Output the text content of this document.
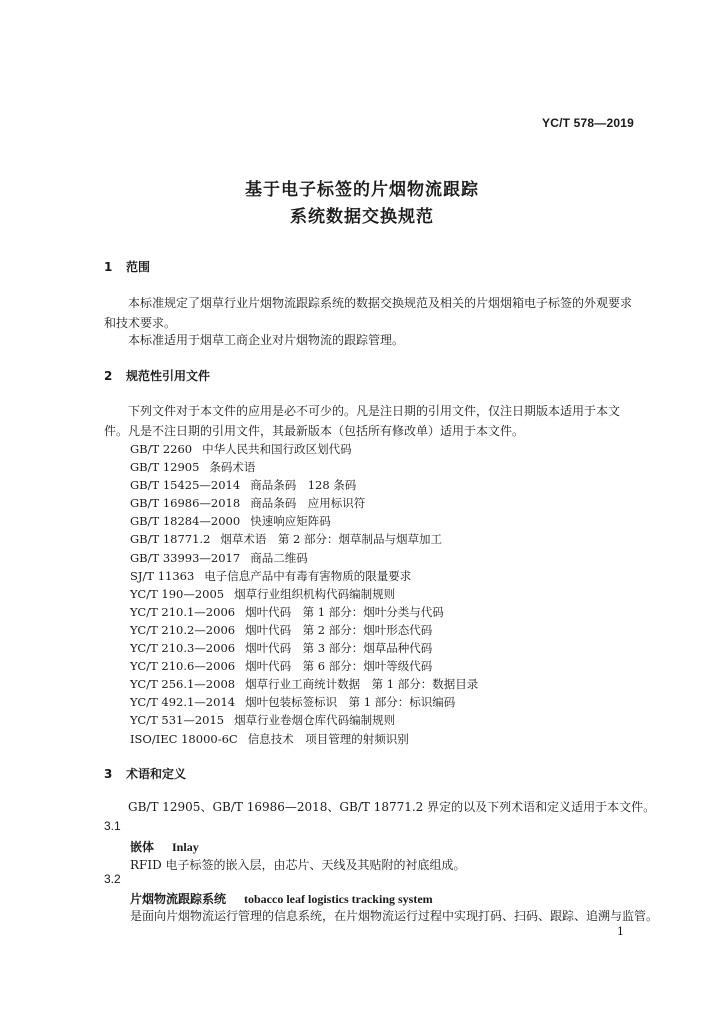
YC/T 578—2019
基于电子标签的片烟物流跟踪
系统数据交换规范
1 范围
本标准规定了烟草行业片烟物流跟踪系统的数据交换规范及相关的片烟烟箱电子标签的外观要求和技术要求。
本标准适用于烟草工商企业对片烟物流的跟踪管理。
2 规范性引用文件
下列文件对于本文件的应用是必不可少的。凡是注日期的引用文件，仅注日期版本适用于本文件。凡是不注日期的引用文件，其最新版本（包括所有修改单）适用于本文件。
GB/T 2260 中华人民共和国行政区划代码
GB/T 12905 条码术语
GB/T 15425—2014 商品条码　128 条码
GB/T 16986—2018 商品条码　应用标识符
GB/T 18284—2000 快速响应矩阵码
GB/T 18771.2 烟草术语　第 2 部分：烟草制品与烟草加工
GB/T 33993—2017 商品二维码
SJ/T 11363 电子信息产品中有毒有害物质的限量要求
YC/T 190—2005 烟草行业组织机构代码编制规则
YC/T 210.1—2006 烟叶代码　第 1 部分：烟叶分类与代码
YC/T 210.2—2006 烟叶代码　第 2 部分：烟叶形态代码
YC/T 210.3—2006 烟叶代码　第 3 部分：烟草品种代码
YC/T 210.6—2006 烟叶代码　第 6 部分：烟叶等级代码
YC/T 256.1—2008 烟草行业工商统计数据　第 1 部分：数据目录
YC/T 492.1—2014 烟叶包装标签标识　第 1 部分：标识编码
YC/T 531—2015 烟草行业卷烟仓库代码编制规则
ISO/IEC 18000-6C 信息技术　项目管理的射频识别
3 术语和定义
GB/T 12905、GB/T 16986—2018、GB/T 18771.2 界定的以及下列术语和定义适用于本文件。
3.1
嵌体 Inlay
RFID 电子标签的嵌入层，由芯片、天线及其贴附的衬底组成。
3.2
片烟物流跟踪系统 tobacco leaf logistics tracking system
是面向片烟物流运行管理的信息系统，在片烟物流运行过程中实现打码、扫码、跟踪、追溯与监管。
1
